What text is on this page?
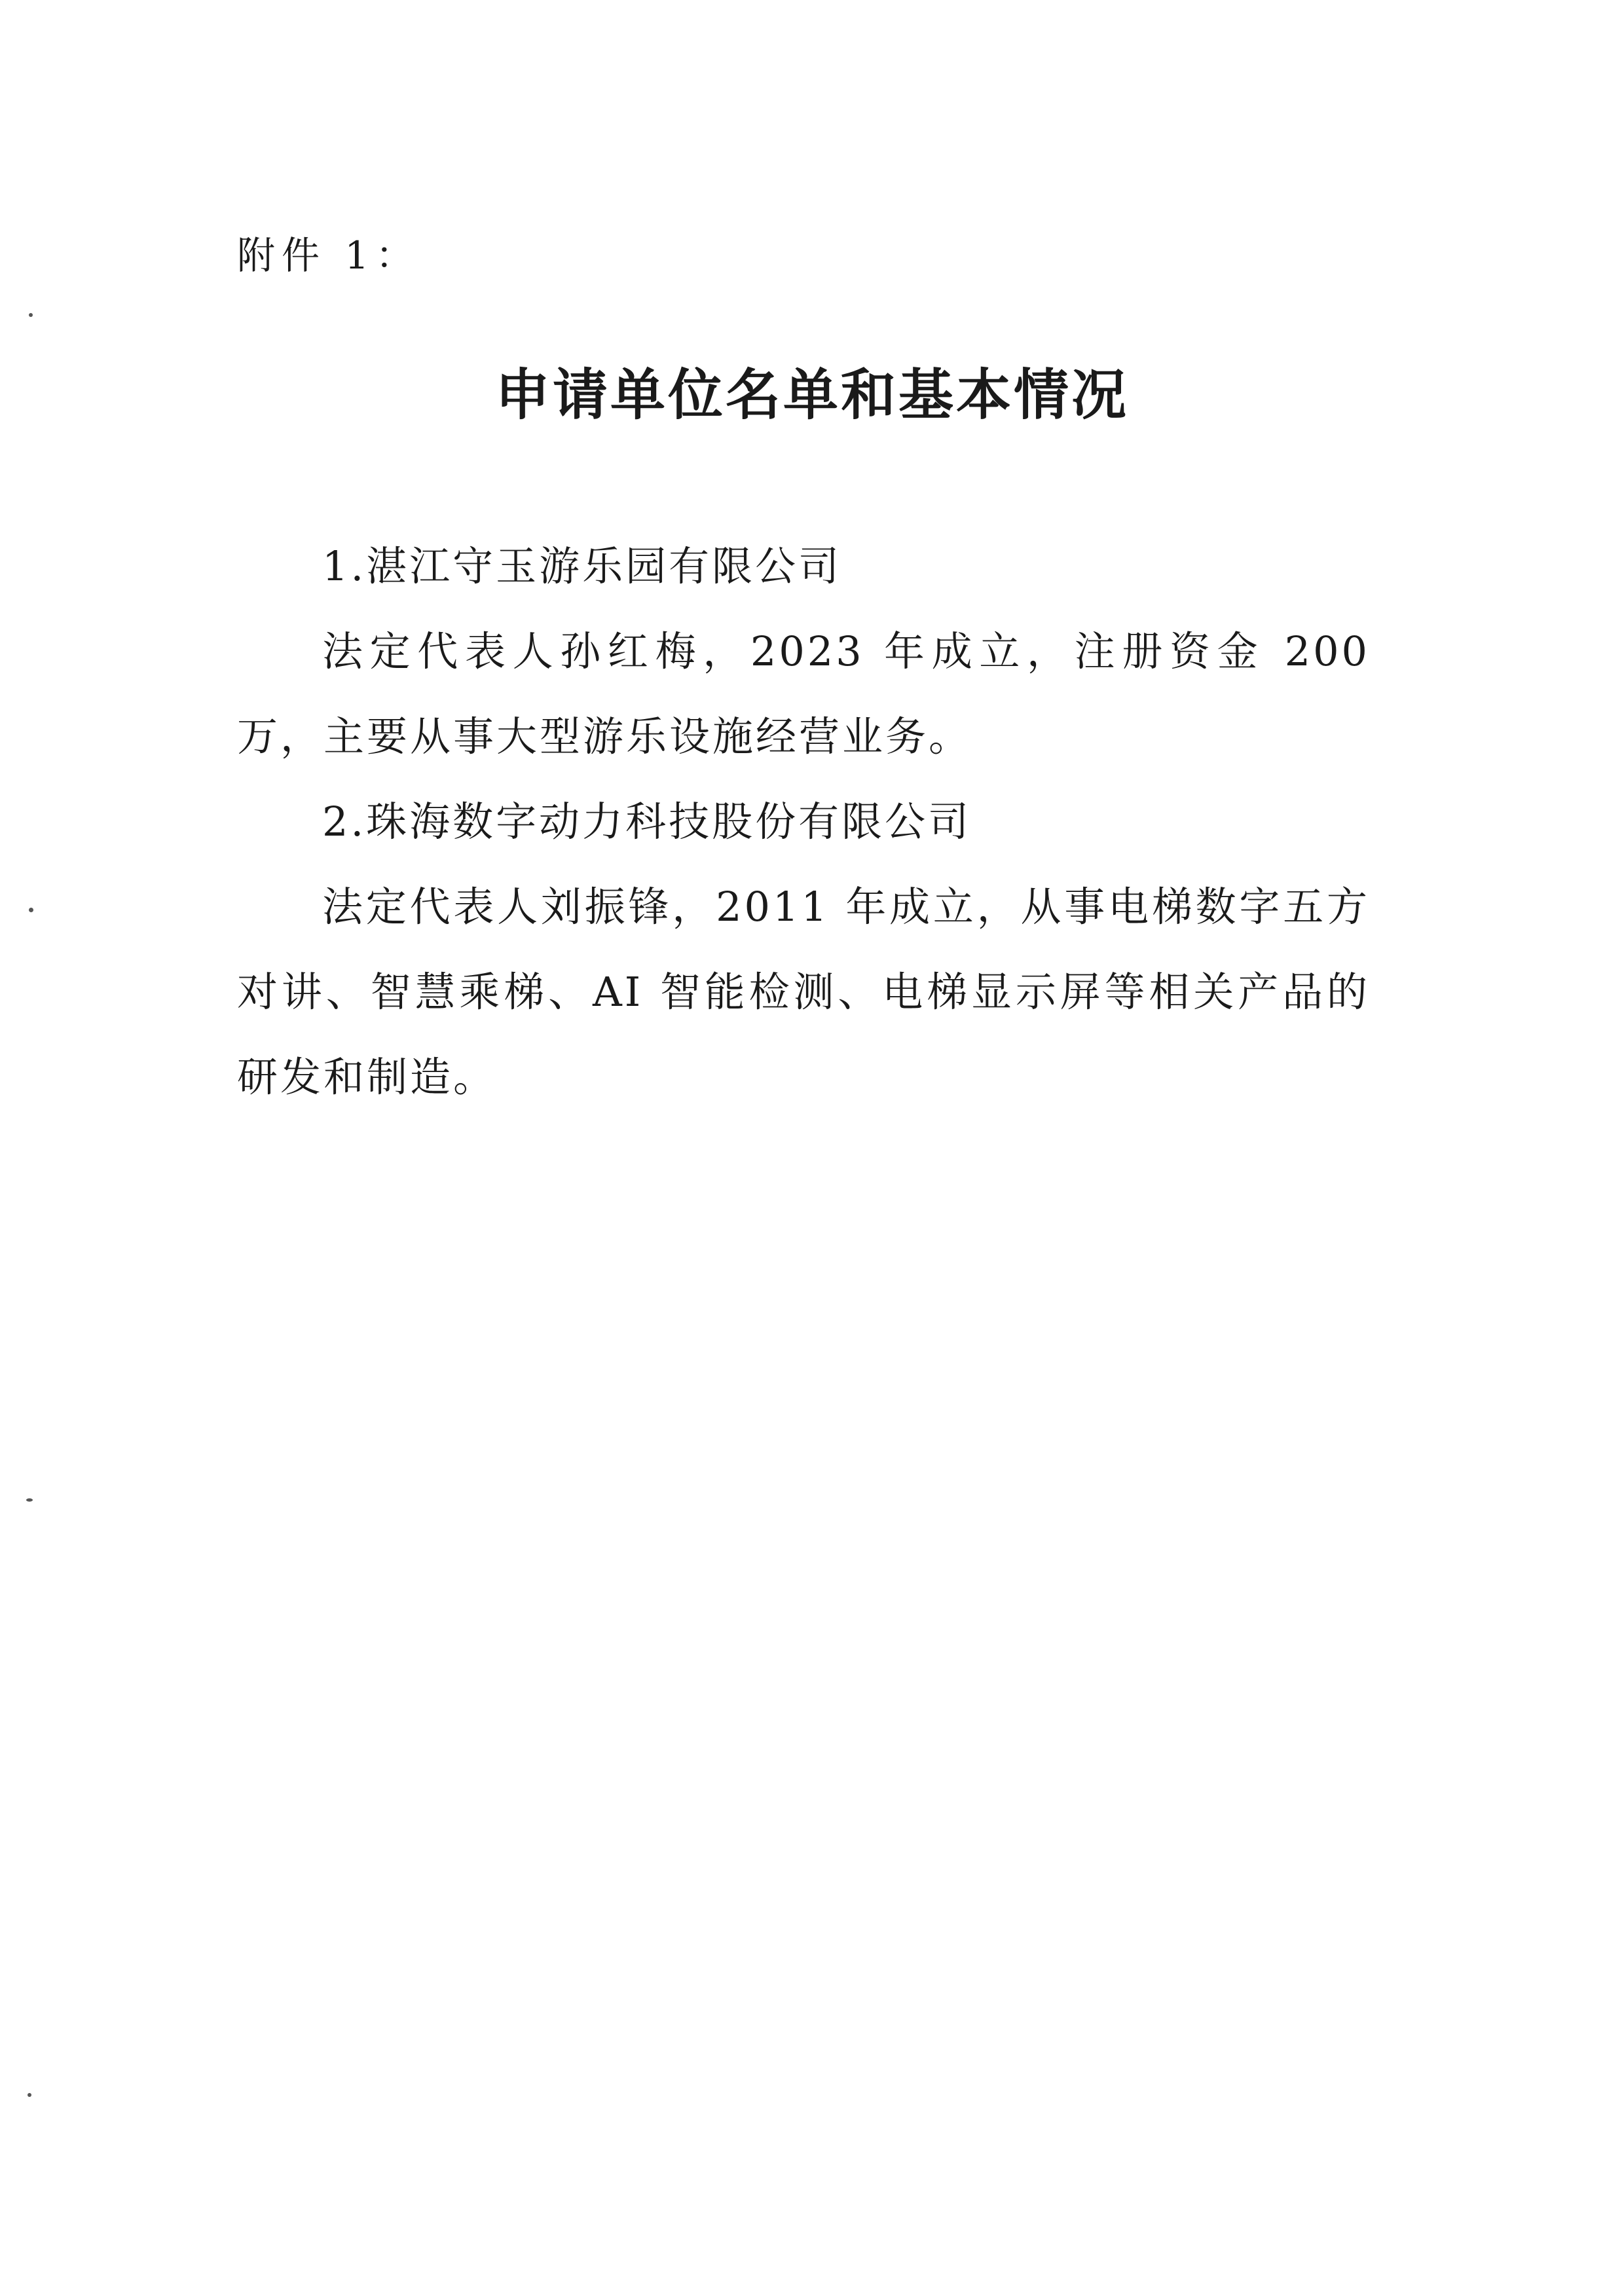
附件 1：
申请单位名单和基本情况

1.湛江守玉游乐园有限公司

法定代表人孙红梅，2023 年成立，注册资金 200 万，主要从事大型游乐设施经营业务。

2.珠海数字动力科技股份有限公司

法定代表人刘振锋，2011 年成立，从事电梯数字五方对讲、智慧乘梯、AI 智能检测、电梯显示屏等相关产品的研发和制造。
